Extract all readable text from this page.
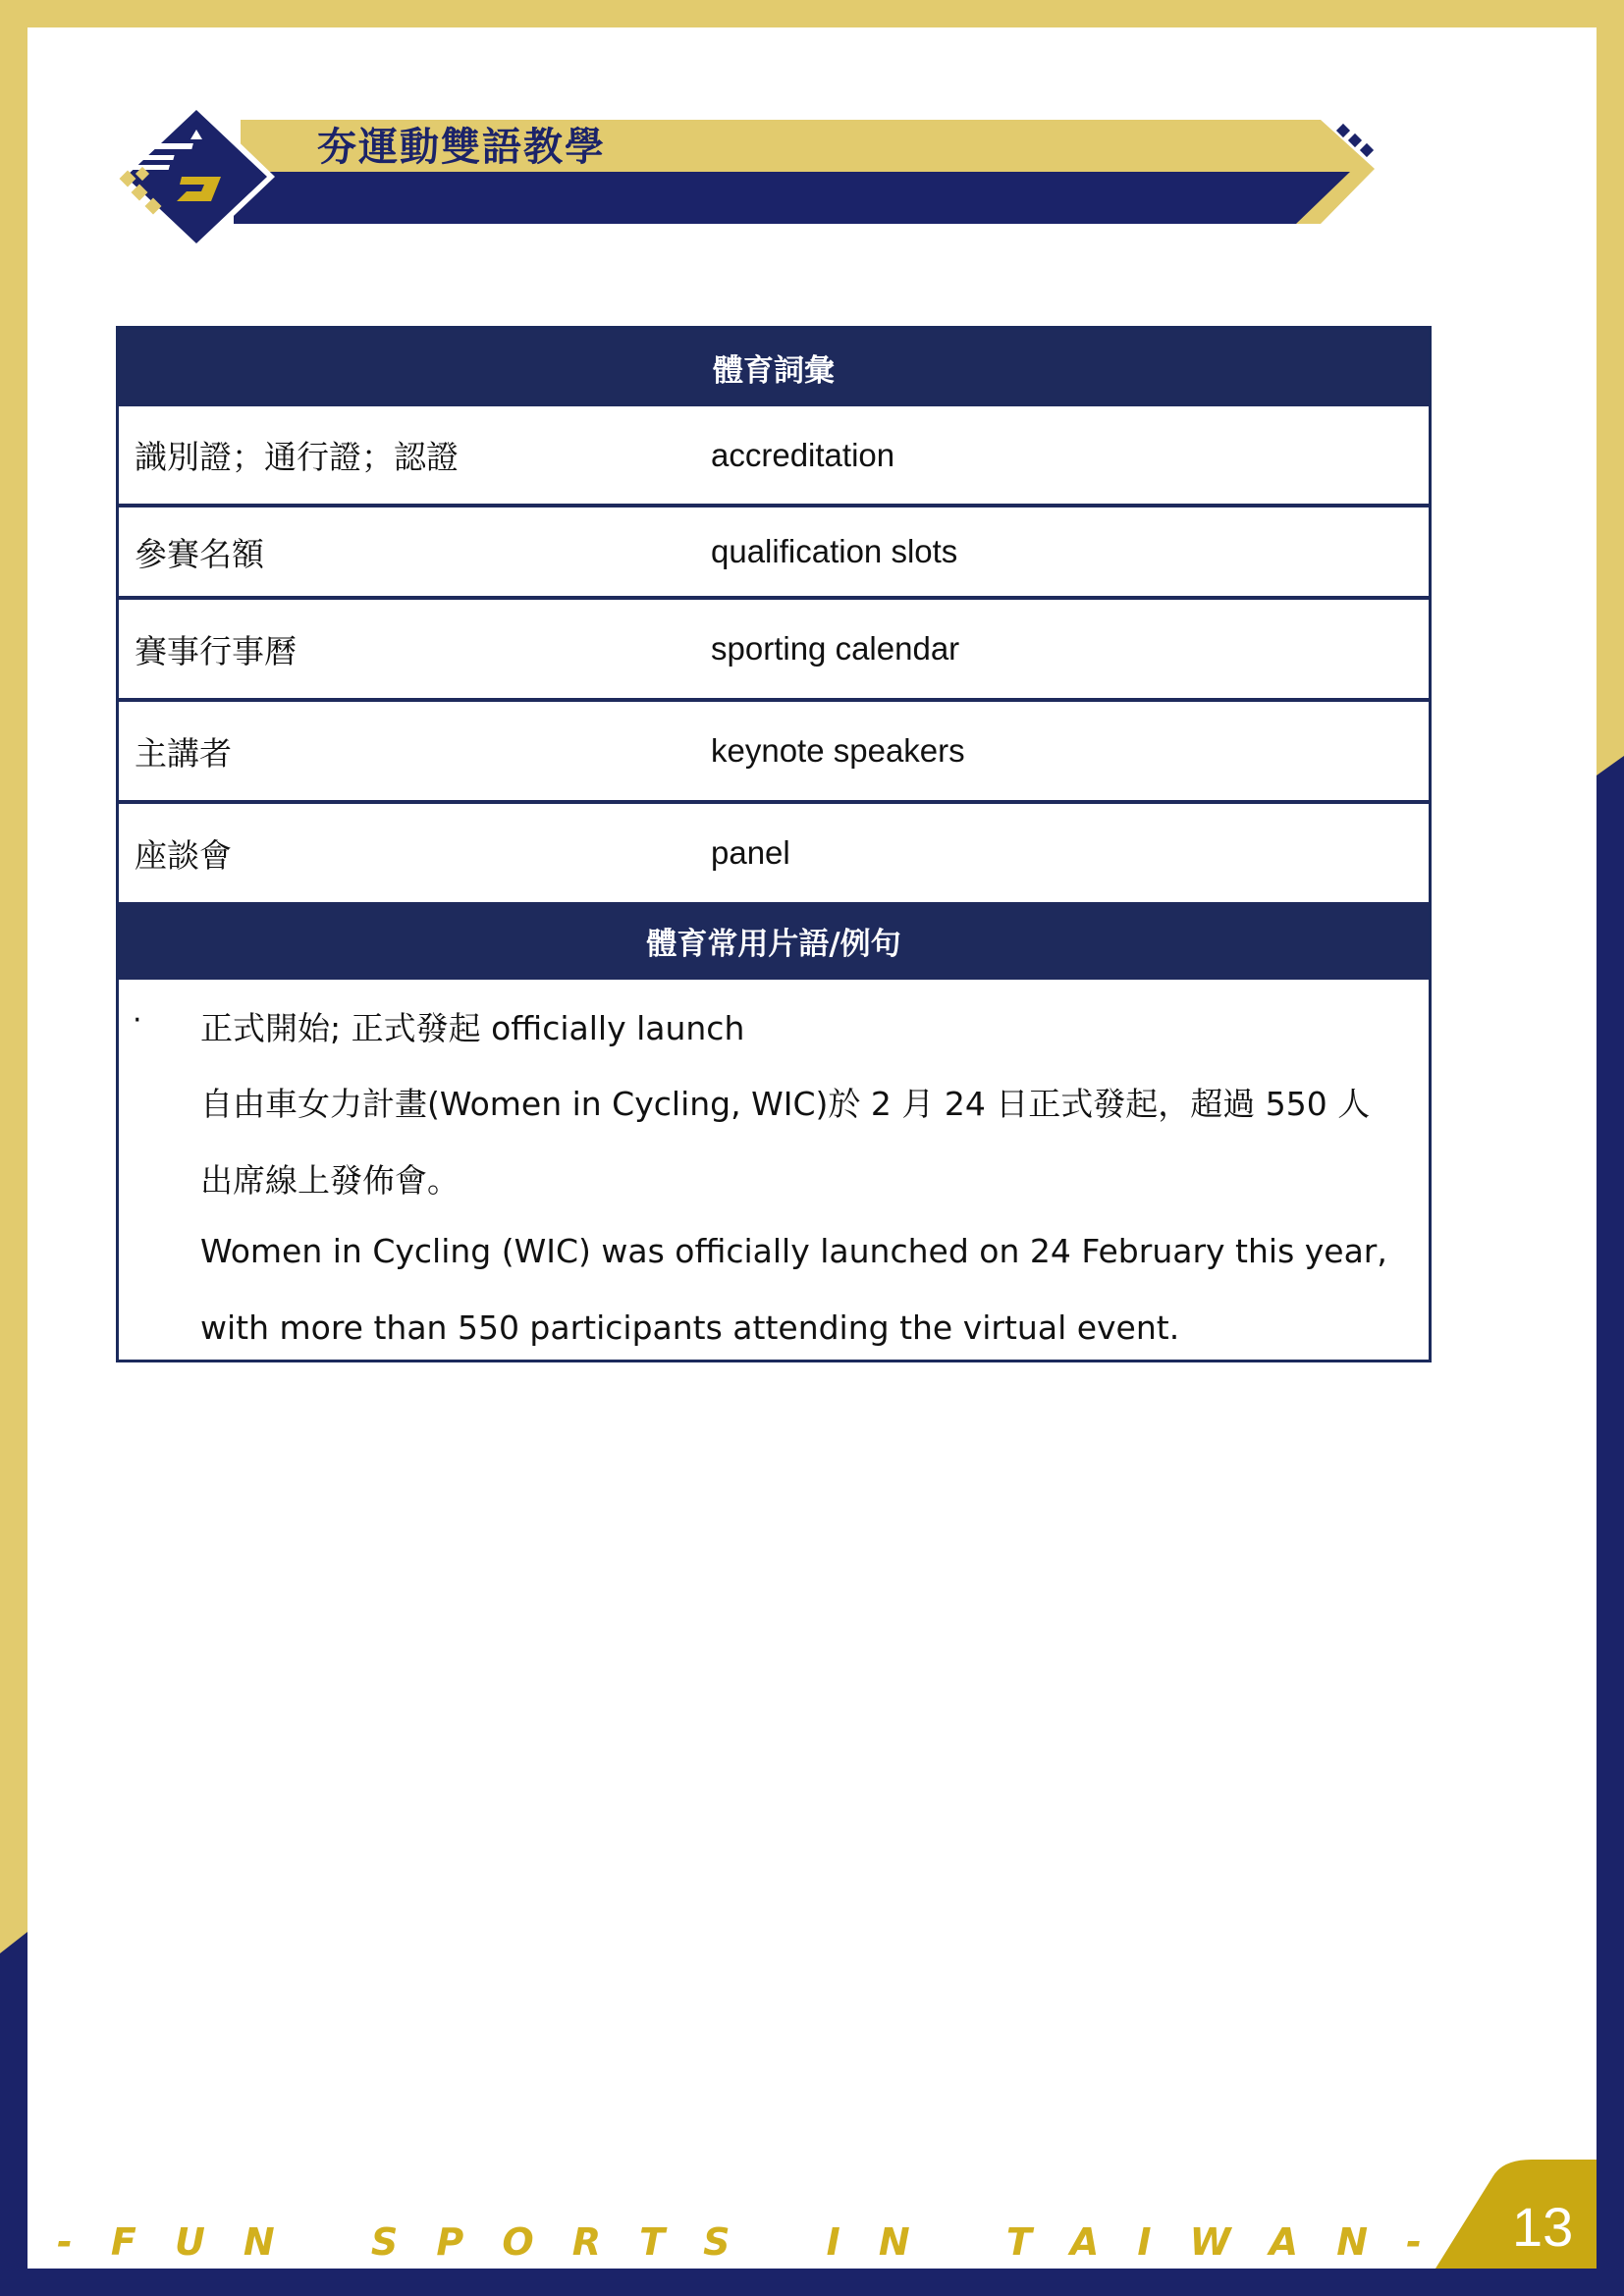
夯運動雙語教學
體育詞彙
識別證；通行證；認證	accreditation
參賽名額	qualification slots
賽事行事曆	sporting calendar
主講者	keynote speakers
座談會	panel
體育常用片語/例句
· 正式開始; 正式發起 officially launch
自由車女力計畫(Women in Cycling, WIC)於 2 月 24 日正式發起，超過 550 人
出席線上發佈會。
Women in Cycling (WIC) was officially launched on 24 February this year,
with more than 550 participants attending the virtual event.
- F U N	S P O R T S	I N	T A I W A N - 13
